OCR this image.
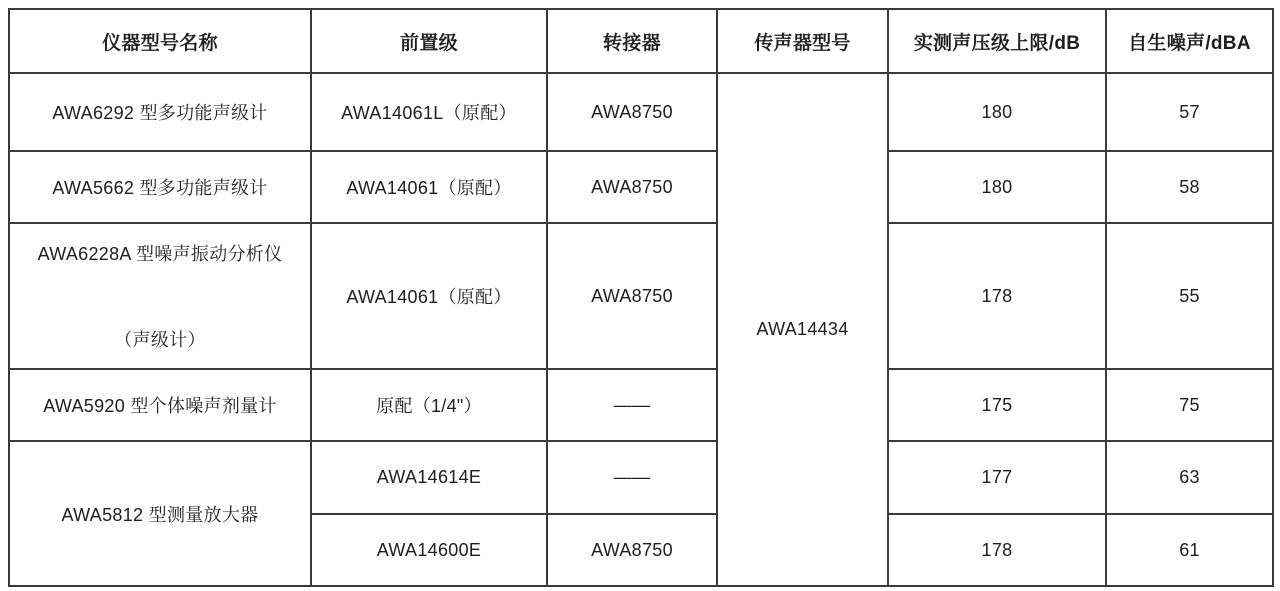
仪器型号名称	前置级	转接器	传声器型号	实测声压级上限/dB	自生噪声/dBA
AWA6292 型多功能声级计	AWA14061L（原配）	AWA8750	AWA14434	180	57
AWA5662 型多功能声级计	AWA14061（原配）	AWA8750		180	58

AWA6228A 型噪声振动分析仪
（声级计）	AWA14061（原配）	AWA8750		178	55
AWA5920 型个体噪声剂量计	原配（1/4"）	——		175	75
AWA5812 型测量放大器	AWA14614E	——		177	63
	AWA14600E	AWA8750		178	61
